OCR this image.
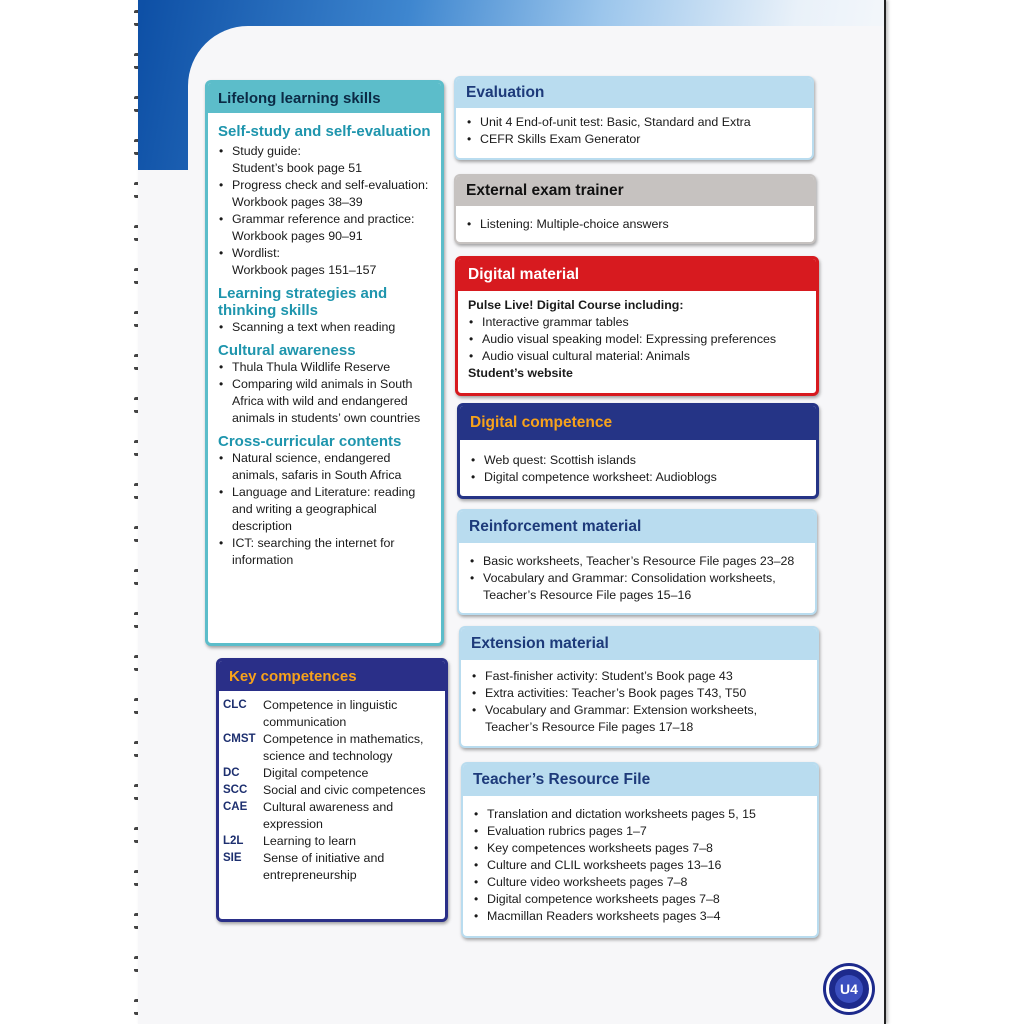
Lifelong learning skills
Self-study and self-evaluation
• Study guide:
Student’s book page 51
• Progress check and self-evaluation:
Workbook pages 38–39
• Grammar reference and practice:
Workbook pages 90–91
• Wordlist:
Workbook pages 151–157
Learning strategies and thinking skills
• Scanning a text when reading
Cultural awareness
• Thula Thula Wildlife Reserve
• Comparing wild animals in South Africa with wild and endangered animals in students’ own countries
Cross-curricular contents
• Natural science, endangered animals, safaris in South Africa
• Language and Literature: reading and writing a geographical description
• ICT: searching the internet for information
Key competences
CLC	Competence in linguistic communication
CMST Competence in mathematics, science and technology
DC	Digital competence
SCC	Social and civic competences
CAE	Cultural awareness and expression
L2L	Learning to learn
SIE	Sense of initiative and entrepreneurship
Evaluation
• Unit 4 End-of-unit test: Basic, Standard and Extra
• CEFR Skills Exam Generator
External exam trainer
• Listening: Multiple-choice answers
Digital material
Pulse Live! Digital Course including:
• Interactive grammar tables
• Audio visual speaking model: Expressing preferences
• Audio visual cultural material: Animals
Student’s website
Digital competence
• Web quest: Scottish islands
• Digital competence worksheet: Audioblogs
Reinforcement material
• Basic worksheets, Teacher’s Resource File pages 23–28
• Vocabulary and Grammar: Consolidation worksheets, Teacher’s Resource File pages 15–16
Extension material
• Fast-finisher activity: Student’s Book page 43
• Extra activities: Teacher’s Book pages T43, T50
• Vocabulary and Grammar: Extension worksheets, Teacher’s Resource File pages 17–18
Teacher’s Resource File
• Translation and dictation worksheets pages 5, 15
• Evaluation rubrics pages 1–7
• Key competences worksheets pages 7–8
• Culture and CLIL worksheets pages 13–16
• Culture video worksheets pages 7–8
• Digital competence worksheets pages 7–8
• Macmillan Readers worksheets pages 3–4
U4
